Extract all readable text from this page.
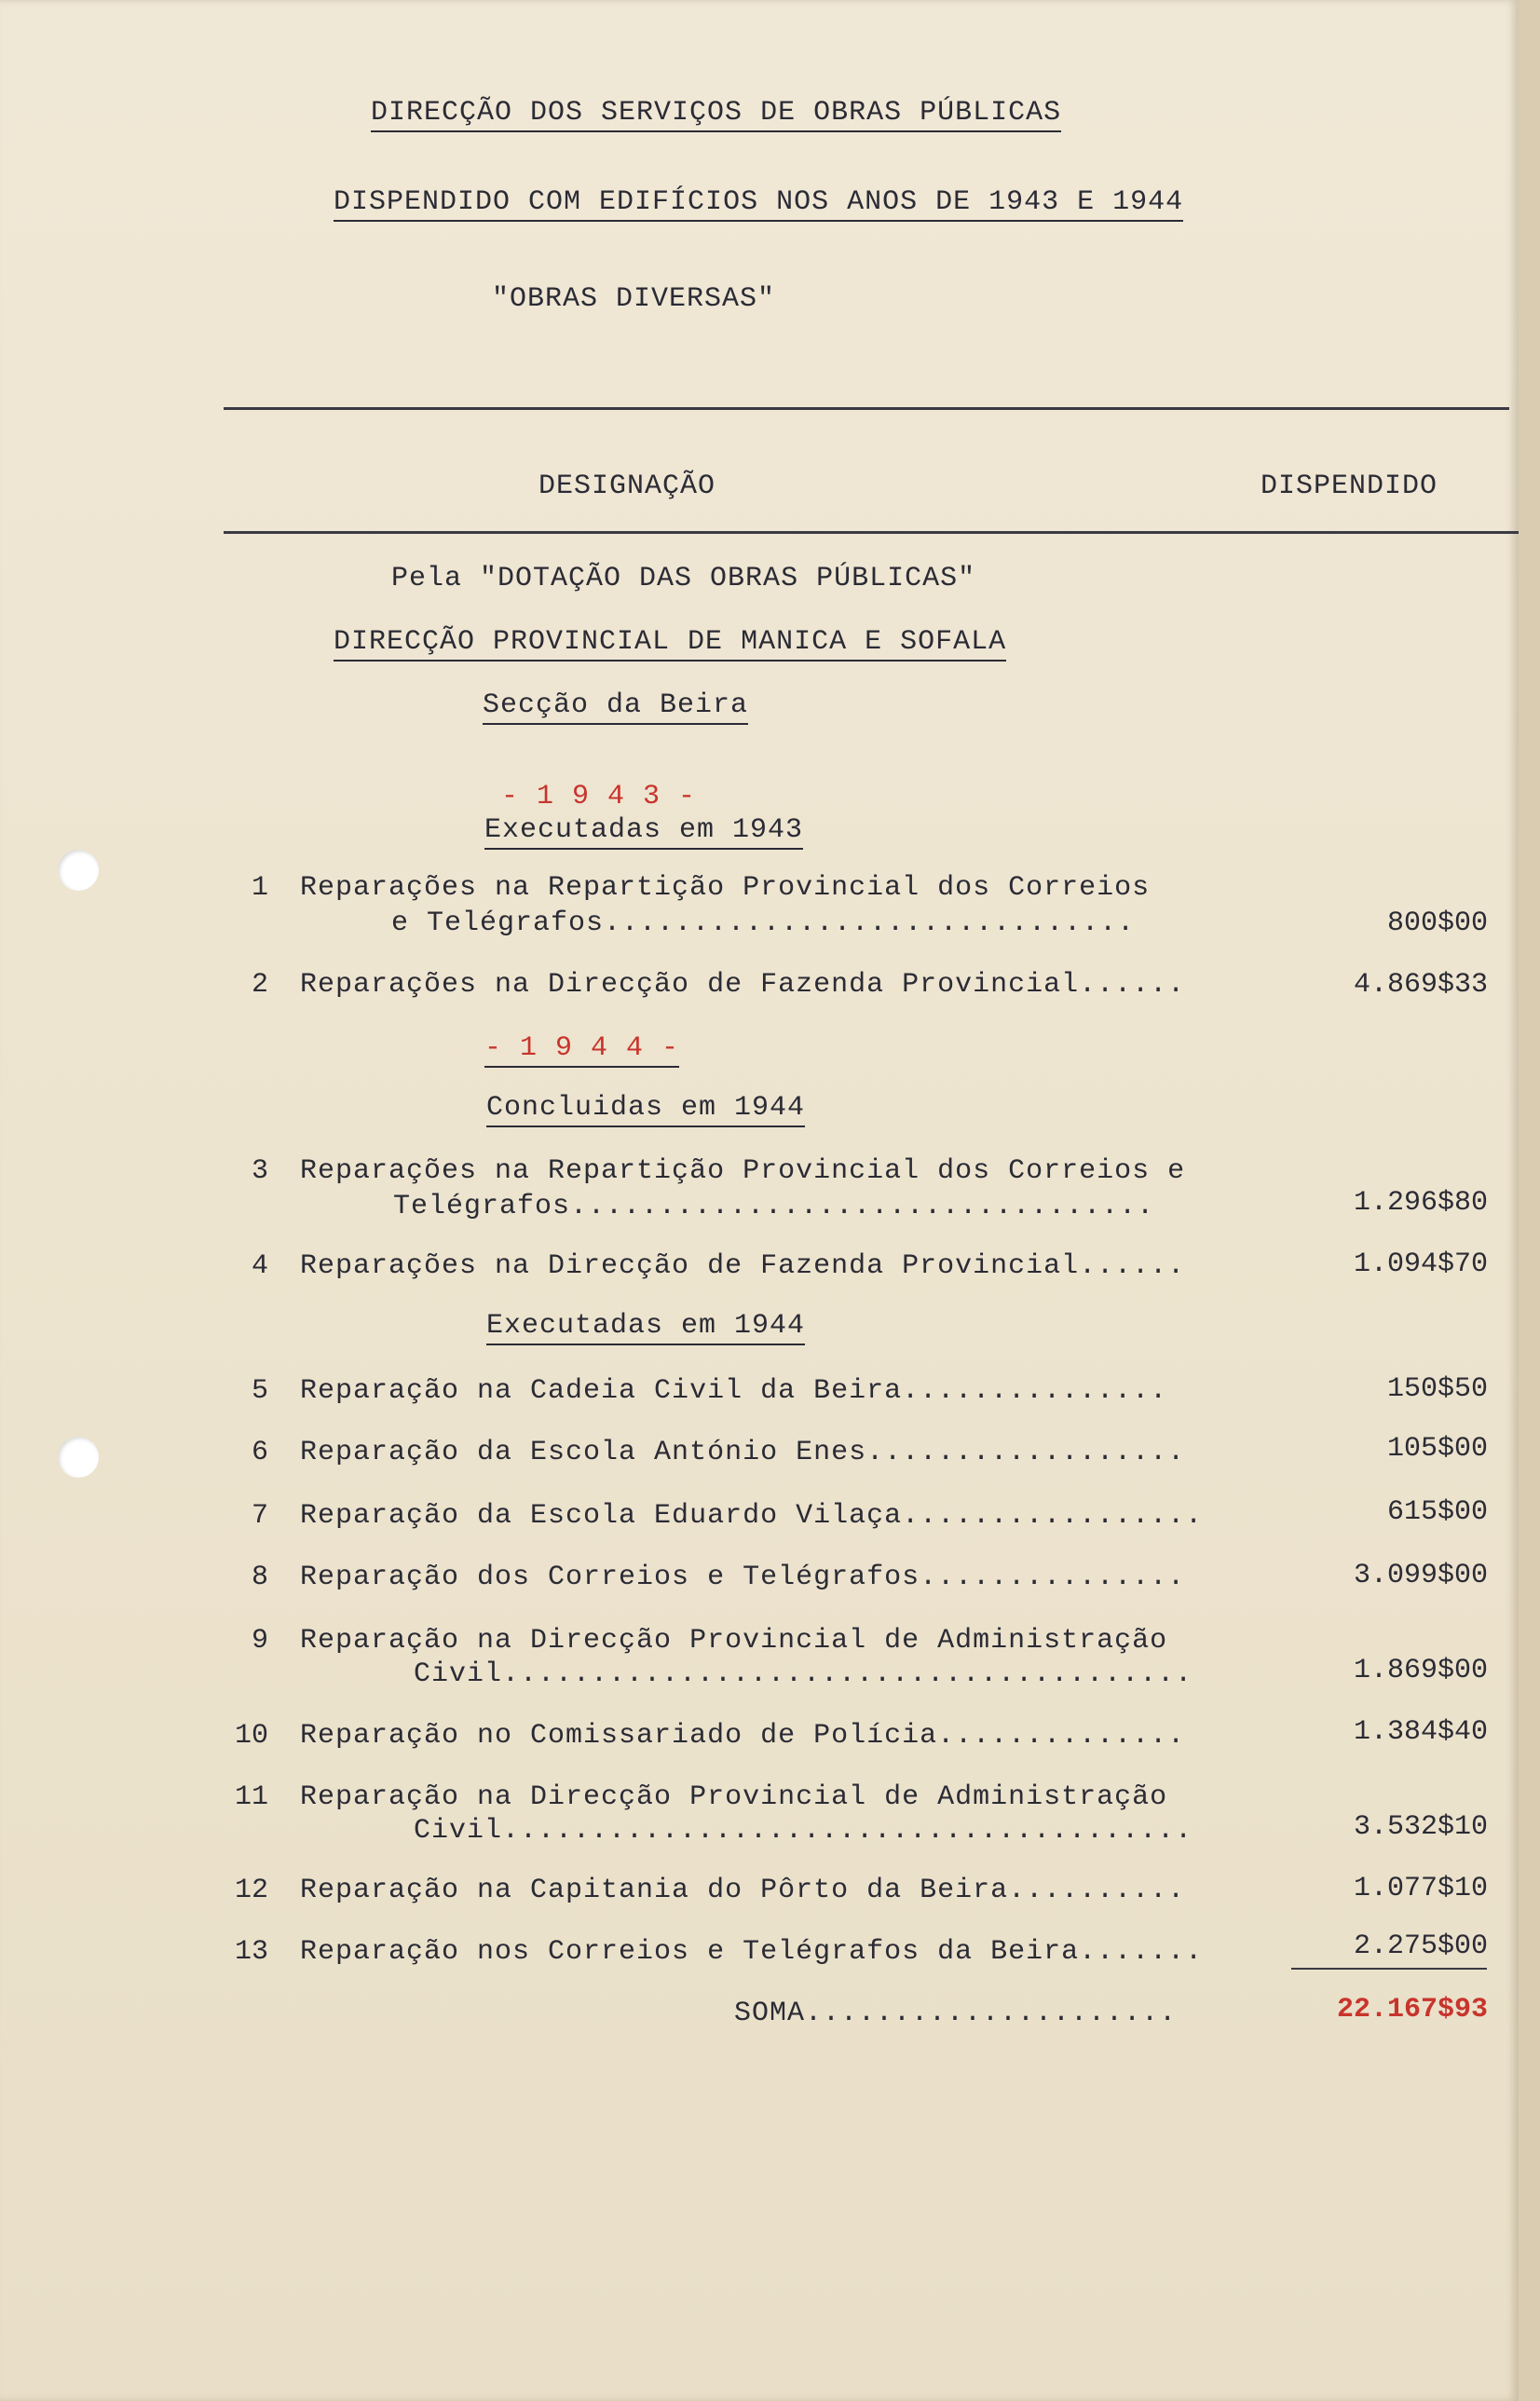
DIRECÇÃO DOS SERVIÇOS DE OBRAS PÚBLICAS
DISPENDIDO COM EDIFÍCIOS NOS ANOS DE 1943 E 1944
"OBRAS DIVERSAS"
DESIGNAÇÃO	DISPENDIDO
Pela "DOTAÇÃO DAS OBRAS PÚBLICAS"
DIRECÇÃO PROVINCIAL DE MANICA E SOFALA
Secção da Beira
- 1 9 4 3 -
Executadas em 1943
1 Reparações na Repartição Provincial dos Correios
e Telégrafos..............................	800$00
2 Reparações na Direcção de Fazenda Provincial......	4.869$33
- 1 9 4 4 -
Concluidas em 1944
3 Reparações na Repartição Provincial dos Correios e
Telégrafos.................................	1.296$80
4 Reparações na Direcção de Fazenda Provincial......	1.094$70
Executadas em 1944
5 Reparação na Cadeia Civil da Beira...............	150$50
6 Reparação da Escola António Enes..................	105$00
7 Reparação da Escola Eduardo Vilaça.................	615$00
8 Reparação dos Correios e Telégrafos...............	3.099$00
9 Reparação na Direcção Provincial de Administração
Civil.......................................	1.869$00
10 Reparação no Comissariado de Polícia..............	1.384$40
11 Reparação na Direcção Provincial de Administração
Civil.......................................	3.532$10
12 Reparação na Capitania do Pôrto da Beira..........	1.077$10
13 Reparação nos Correios e Telégrafos da Beira.......	2.275$00
SOMA.....................	22.167$93
